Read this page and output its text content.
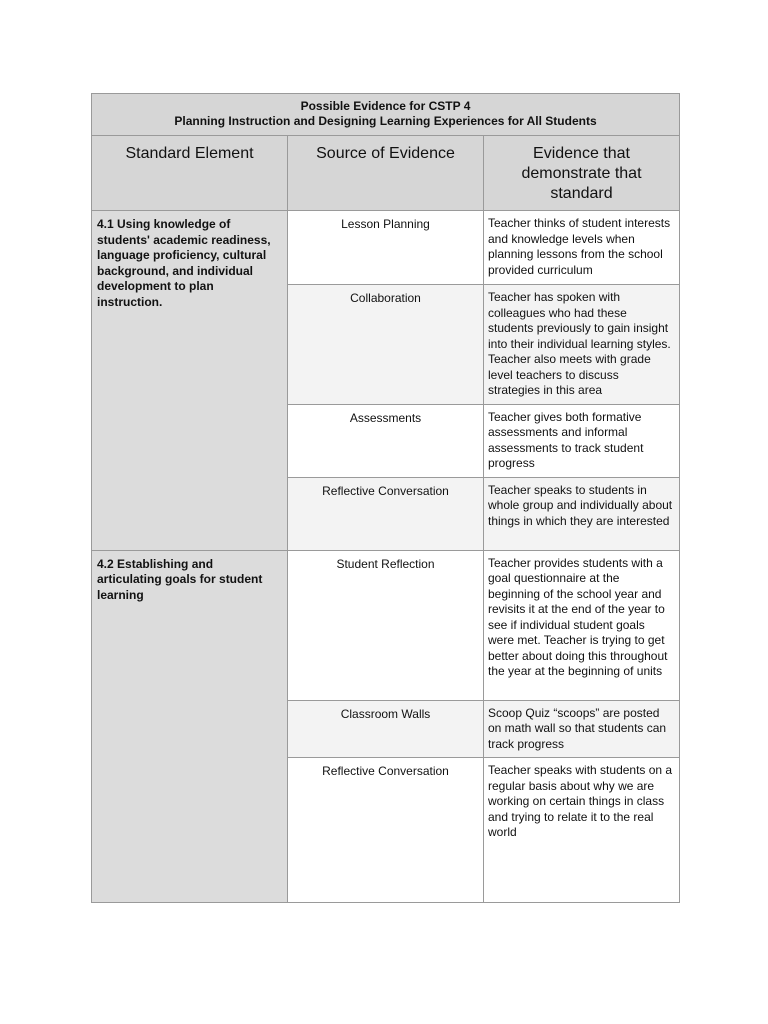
Possible Evidence for CSTP 4
Planning Instruction and Designing Learning Experiences for All Students		

Standard Element	Source of Evidence	Evidence that demonstrate that standard
4.1 Using knowledge of students' academic readiness, language proficiency, cultural background, and individual development to plan instruction.	Lesson Planning	Teacher thinks of student interests and knowledge levels when planning lessons from the school provided curriculum
	Collaboration	Teacher has spoken with colleagues who had these students previously to gain insight into their individual learning styles. Teacher also meets with grade level teachers to discuss strategies in this area
	Assessments	Teacher gives both formative assessments and informal assessments to track student progress
	Reflective Conversation	Teacher speaks to students in whole group and individually about things in which they are interested
4.2 Establishing and articulating goals for student learning	Student Reflection	Teacher provides students with a goal questionnaire at the beginning of the school year and revisits it at the end of the year to see if individual student goals were met. Teacher is trying to get better about doing this throughout the year at the beginning of units
	Classroom Walls	Scoop Quiz “scoops” are posted on math wall so that students can track progress
	Reflective Conversation	Teacher speaks with students on a regular basis about why we are working on certain things in class and trying to relate it to the real world
